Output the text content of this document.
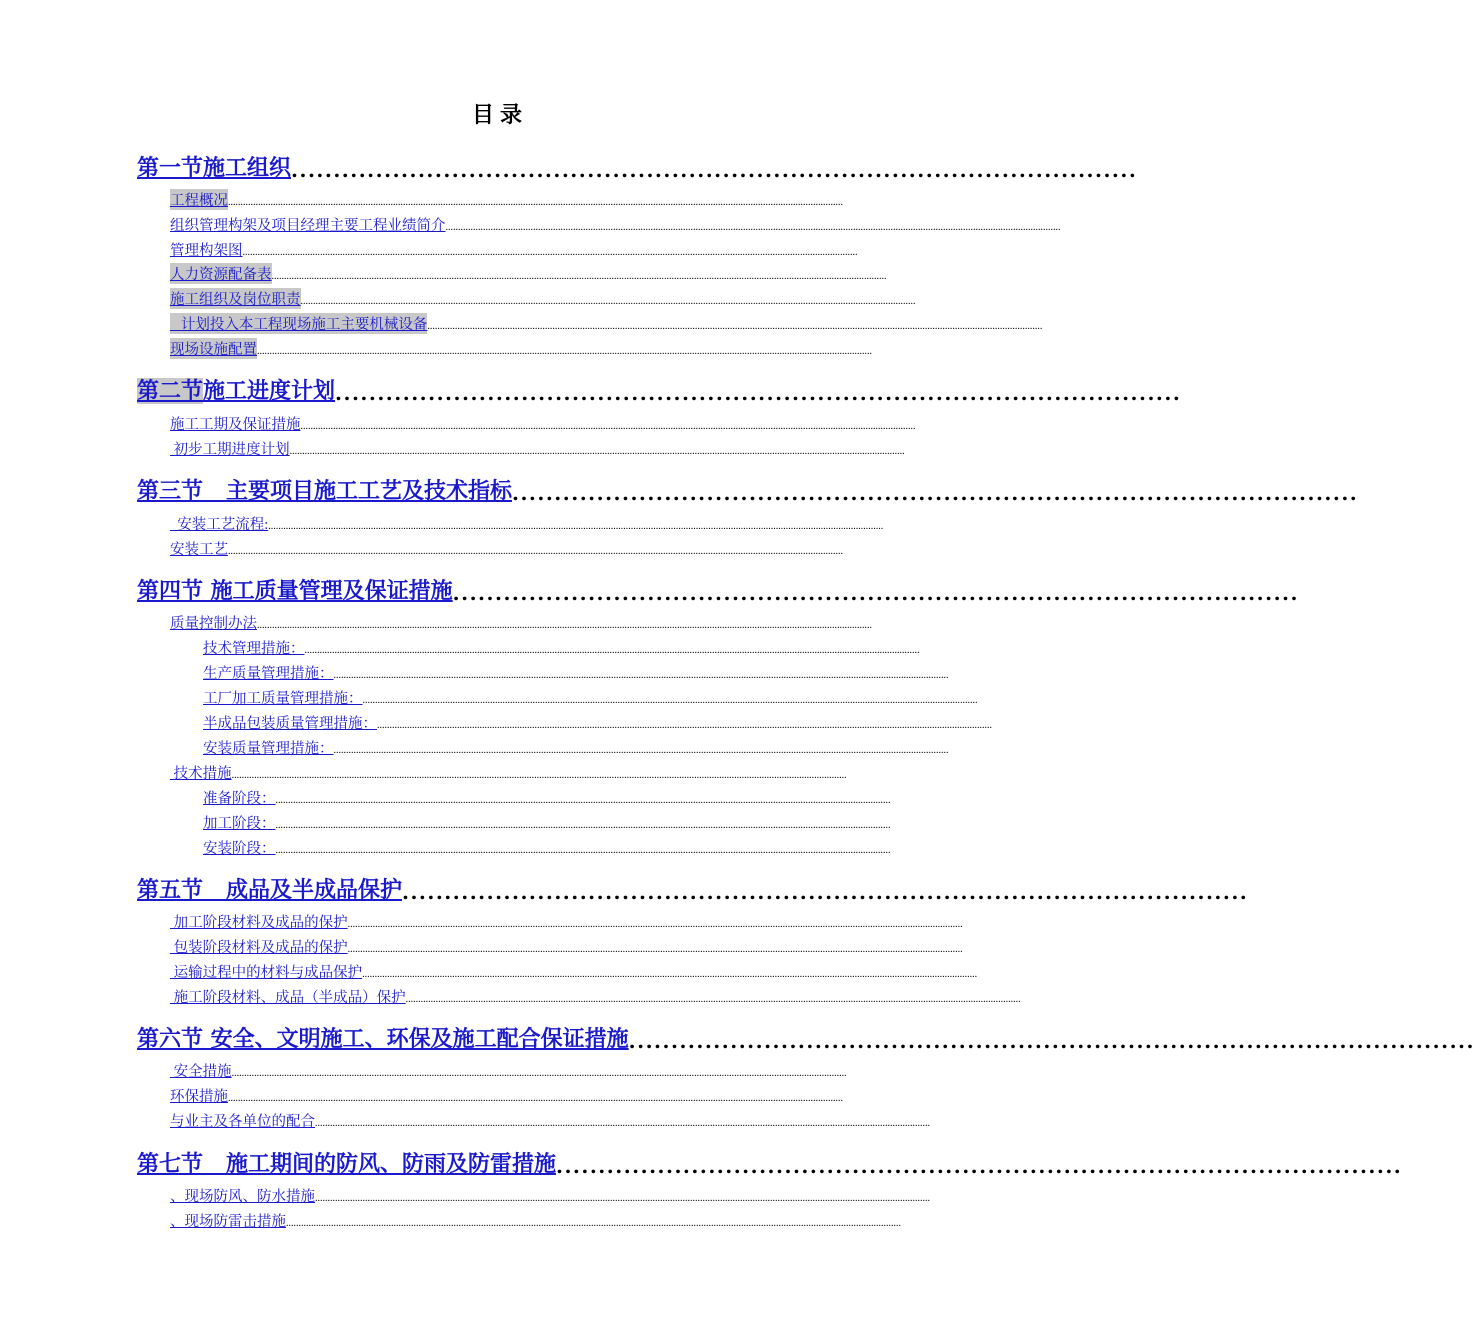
目录
第一节施工组织 ....................................................................................................
工程概况 ......................................................................................................................................................................................................................................................
组织管理构架及项目经理主要工程业绩简介 ......................................................................................................................................................................................................................................................
管理构架图 ......................................................................................................................................................................................................................................................
人力资源配备表 ......................................................................................................................................................................................................................................................
施工组织及岗位职责 ......................................................................................................................................................................................................................................................
计划投入本工程现场施工主要机械设备 ......................................................................................................................................................................................................................................................
现场设施配置 ......................................................................................................................................................................................................................................................
第二节施工进度计划 ....................................................................................................
施工工期及保证措施 ......................................................................................................................................................................................................................................................
初步工期进度计划 ......................................................................................................................................................................................................................................................
第三节   主要项目施工工艺及技术指标 ....................................................................................................
安装工艺流程: ......................................................................................................................................................................................................................................................
安装工艺 ......................................................................................................................................................................................................................................................
第四节 施工质量管理及保证措施 ....................................................................................................
质量控制办法 ......................................................................................................................................................................................................................................................
技术管理措施： ......................................................................................................................................................................................................................................................
生产质量管理措施： ......................................................................................................................................................................................................................................................
工厂加工质量管理措施： ......................................................................................................................................................................................................................................................
半成品包装质量管理措施： ......................................................................................................................................................................................................................................................
安装质量管理措施： ......................................................................................................................................................................................................................................................
技术措施 ......................................................................................................................................................................................................................................................
准备阶段： ......................................................................................................................................................................................................................................................
加工阶段： ......................................................................................................................................................................................................................................................
安装阶段： ......................................................................................................................................................................................................................................................
第五节   成品及半成品保护 ....................................................................................................
加工阶段材料及成品的保护 ......................................................................................................................................................................................................................................................
包装阶段材料及成品的保护 ......................................................................................................................................................................................................................................................
运输过程中的材料与成品保护 ......................................................................................................................................................................................................................................................
施工阶段材料、成品（半成品）保护 ......................................................................................................................................................................................................................................................
第六节 安全、文明施工、环保及施工配合保证措施 ....................................................................................................
安全措施 ......................................................................................................................................................................................................................................................
环保措施 ......................................................................................................................................................................................................................................................
与业主及各单位的配合 ......................................................................................................................................................................................................................................................
第七节   施工期间的防风、防雨及防雷措施 ....................................................................................................
、现场防风、防水措施 ......................................................................................................................................................................................................................................................
、现场防雷击措施 ......................................................................................................................................................................................................................................................
